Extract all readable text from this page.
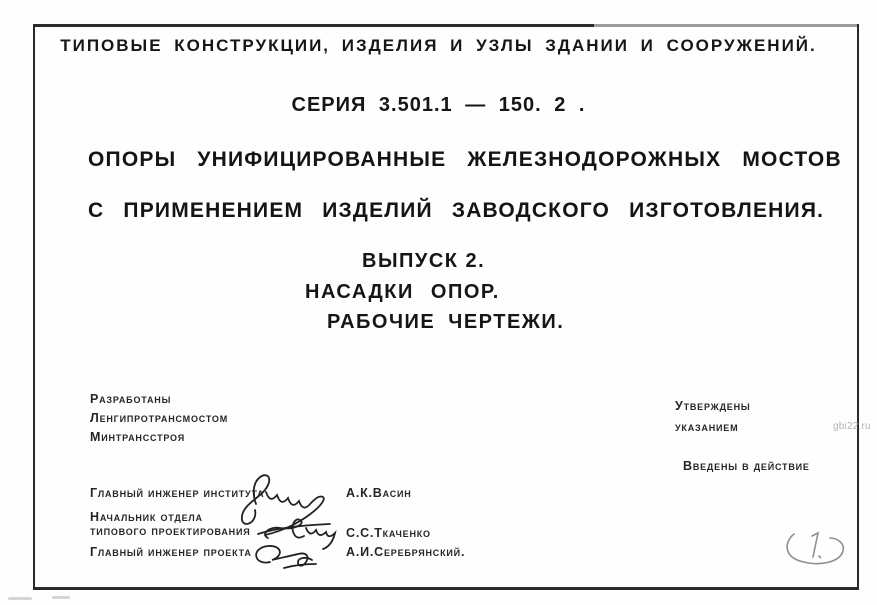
ТИПОВЫЕ КОНСТРУКЦИИ, ИЗДЕЛИЯ И УЗЛЫ ЗДАНИИ И СООРУЖЕНИЙ.
СЕРИЯ 3.501.1 — 150. 2 .
ОПОРЫ УНИФИЦИРОВАННЫЕ ЖЕЛЕЗНОДОРОЖНЫХ МОСТОВ
С ПРИМЕНЕНИЕМ ИЗДЕЛИЙ ЗАВОДСКОГО ИЗГОТОВЛЕНИЯ.
ВЫПУСК 2.
НАСАДКИ ОПОР.
РАБОЧИЕ ЧЕРТЕЖИ.
Разработаны
Ленгипротрансмостом
Минтрансстроя
Утверждены
указанием
Введены в действие
Главный инженер института
Начальник отдела
типового проектирования
Главный инженер проекта
А.К.Васин
С.С.Ткаченко
А.И.Серебрянский.
gbi22.ru
